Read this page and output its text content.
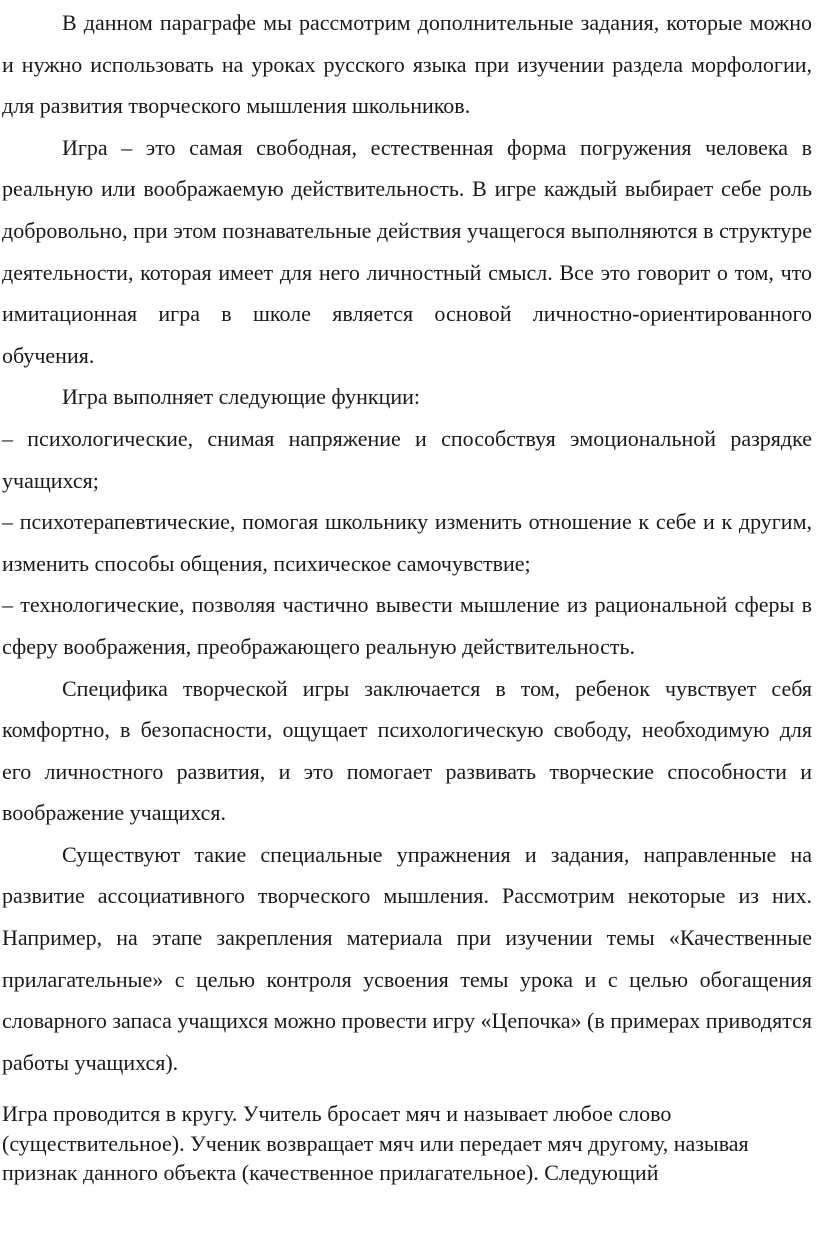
В данном параграфе мы рассмотрим дополнительные задания, которые можно и нужно использовать на уроках русского языка при изучении раздела морфологии, для развития творческого мышления школьников.

Игра – это самая свободная, естественная форма погружения человека в реальную или воображаемую действительность. В игре каждый выбирает себе роль добровольно, при этом познавательные действия учащегося выполняются в структуре деятельности, которая имеет для него личностный смысл. Все это говорит о том, что имитационная игра в школе является основой личностно-ориентированного обучения.

Игра выполняет следующие функции:

– психологические, снимая напряжение и способствуя эмоциональной разрядке учащихся;

– психотерапевтические, помогая школьнику изменить отношение к себе и к другим, изменить способы общения, психическое самочувствие;

– технологические, позволяя частично вывести мышление из рациональной сферы в сферу воображения, преображающего реальную действительность.

Специфика творческой игры заключается в том, ребенок чувствует себя комфортно, в безопасности, ощущает психологическую свободу, необходимую для его личностного развития, и это помогает развивать творческие способности и воображение учащихся.

Существуют такие специальные упражнения и задания, направленные на развитие ассоциативного творческого мышления. Рассмотрим некоторые из них. Например, на этапе закрепления материала при изучении темы «Качественные прилагательные» с целью контроля усвоения темы урока и с целью обогащения словарного запаса учащихся можно провести игру «Цепочка» (в примерах приводятся работы учащихся).

Игра проводится в кругу. Учитель бросает мяч и называет любое слово (существительное). Ученик возвращает мяч или передает мяч другому, называя признак данного объекта (качественное прилагательное). Следующий
